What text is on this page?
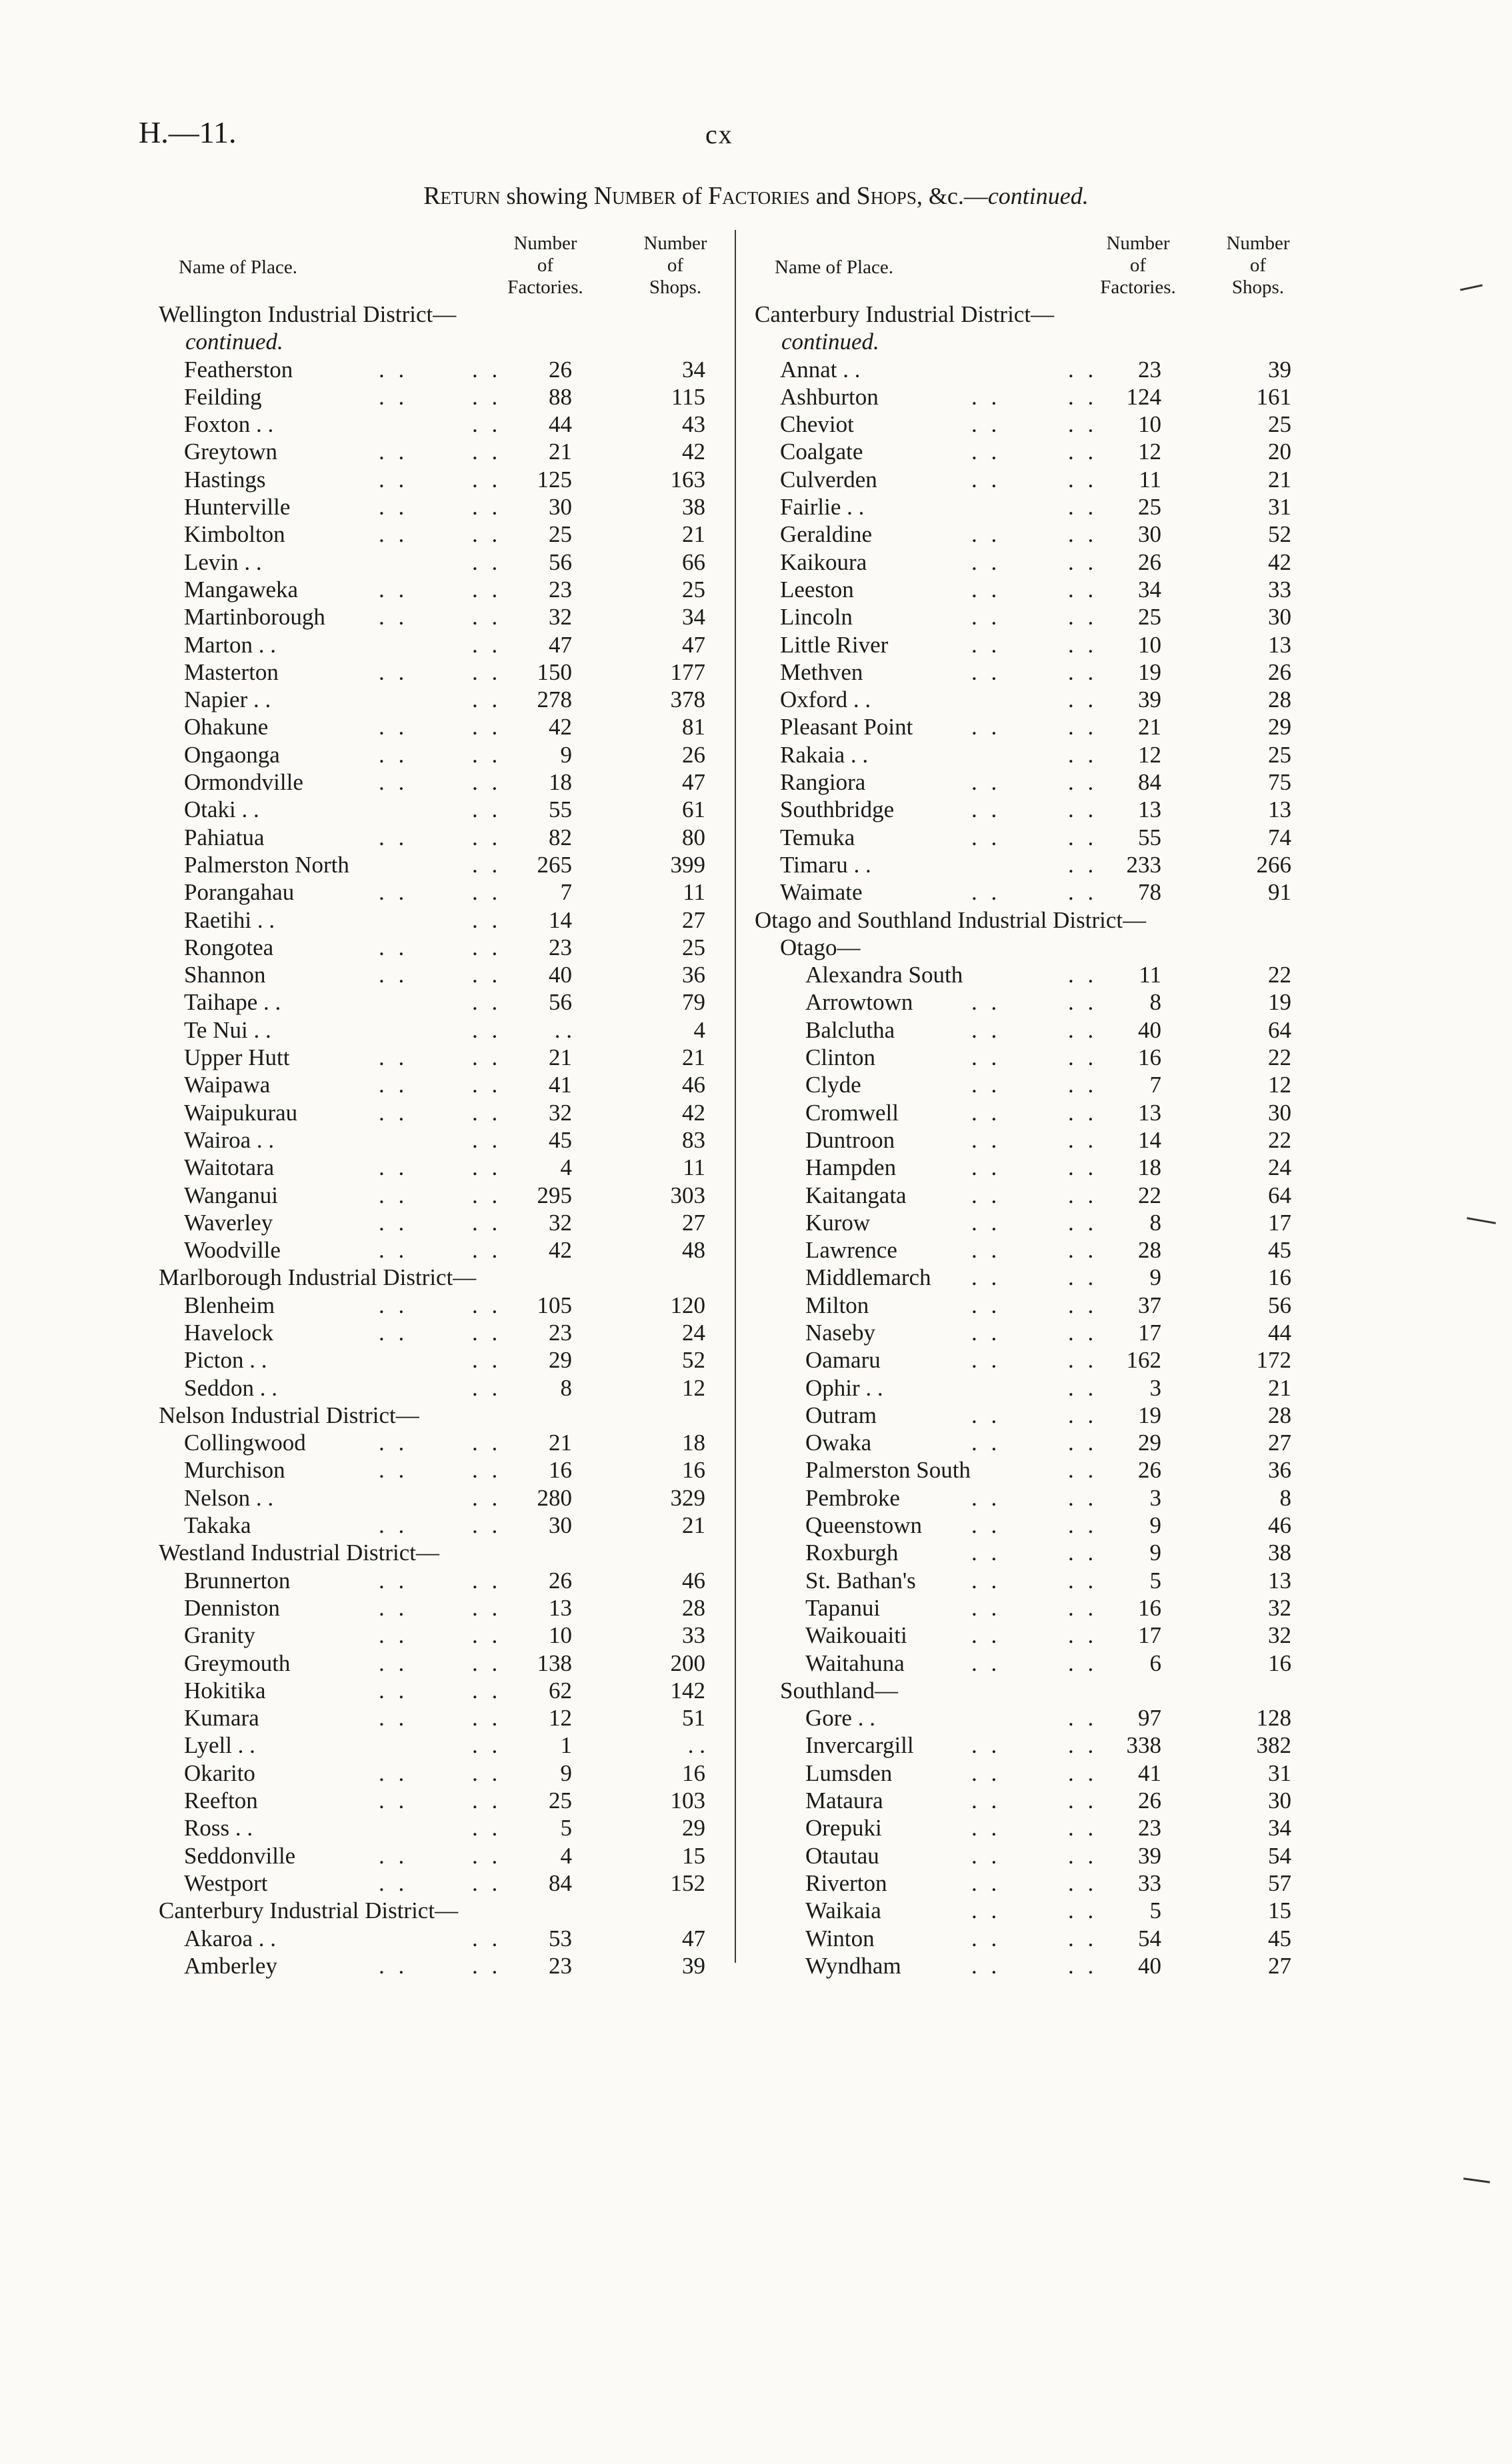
H.—11.	cx
Return showing Number of Factories and Shops, &c.—continued.
Name of Place.
Number
of
Factories.
Number
of
Shops.
Wellington Industrial District—
continued.
Featherston	. .	. .	26	34
Feilding	. .	. .	88	115
Foxton . .	. .	44	43
Greytown	. .	. .	21	42
Hastings	. .	. .	125	163
Hunterville	. .	. .	30	38
Kimbolton	. .	. .	25	21
Levin . .	. .	56	66
Mangaweka	. .	. .	23	25
Martinborough . .	. .	32	34
Marton . .	. .	47	47
Masterton	. .	. .	150	177
Napier . .	. .	278	378
Ohakune	. .	. .	42	81
Ongaonga	. .	. .	9	26
Ormondville	. .	. .	18	47
Otaki . .	. .	55	61
Pahiatua	. .	. .	82	80
Palmerston North	. .	265	399
Porangahau	. .	. .	7	11
Raetihi . .	. .	14	27
Rongotea	. .	. .	23	25
Shannon	. .	. .	40	36
Taihape . .	. .	56	79
Te Nui . .	. .	. .	4
Upper Hutt	. .	. .	21	21
Waipawa	. .	. .	41	46
Waipukurau	. .	. .	32	42
Wairoa . .	. .	45	83
Waitotara	. .	. .	4	11
Wanganui	. .	. .	295	303
Waverley	. .	. .	32	27
Woodville	. .	. .	42	48
Marlborough Industrial District—
Blenheim	. .	. .	105	120
Havelock	. .	. .	23	24
Picton . .	. .	29	52
Seddon . .	. .	8	12
Nelson Industrial District—
Collingwood	. .	. .	21	18
Murchison	. .	. .	16	16
Nelson . .	. .	280	329
Takaka	. .	. .	30	21
Westland Industrial District—
Brunnerton	. .	. .	26	46
Denniston	. .	. .	13	28
Granity	. .	. .	10	33
Greymouth	. .	. .	138	200
Hokitika	. .	. .	62	142
Kumara	. .	. .	12	51
Lyell . .	. .	1	. .
Okarito	. .	. .	9	16
Reefton	. .	. .	25	103
Ross . .	. .	5	29
Seddonville	. .	. .	4	15
Westport	. .	. .	84	152
Canterbury Industrial District—
Akaroa . .	. .	53	47
Amberley	. .	. .	23	39
Name of Place.
Number
of
Factories.
Number
of
Shops.
Canterbury Industrial District—
continued.
Annat . .	. .	23	39
Ashburton	. .	. .	124	161
Cheviot	. .	. .	10	25
Coalgate	. .	. .	12	20
Culverden	. .	. .	11	21
Fairlie . .	. .	25	31
Geraldine	. .	. .	30	52
Kaikoura	. .	. .	26	42
Leeston	. .	. .	34	33
Lincoln	. .	. .	25	30
Little River	. .	. .	10	13
Methven	. .	. .	19	26
Oxford . .	. .	39	28
Pleasant Point	. .	. .	21	29
Rakaia . .	. .	12	25
Rangiora	. .	. .	84	75
Southbridge	. .	. .	13	13
Temuka	. .	. .	55	74
Timaru . .	. .	233	266
Waimate	. .	. .	78	91
Otago and Southland Industrial District—
Otago—
Alexandra South	. .	11	22
Arrowtown	. .	. .	8	19
Balclutha	. .	. .	40	64
Clinton	. .	. .	16	22
Clyde	. .	. .	7	12
Cromwell	. .	. .	13	30
Duntroon	. .	. .	14	22
Hampden	. .	. .	18	24
Kaitangata	. .	. .	22	64
Kurow	. .	. .	8	17
Lawrence	. .	. .	28	45
Middlemarch . .	. .	9	16
Milton	. .	. .	37	56
Naseby	. .	. .	17	44
Oamaru	. .	. .	162	172
Ophir . .	. .	3	21
Outram	. .	. .	19	28
Owaka	. .	. .	29	27
Palmerston South	. .	26	36
Pembroke	. .	. .	3	8
Queenstown . .	. .	9	46
Roxburgh	. .	. .	9	38
St. Bathan's . .	. .	5	13
Tapanui	. .	. .	16	32
Waikouaiti	. .	. .	17	32
Waitahuna	. .	. .	6	16
Southland—
Gore . .	. .	97	128
Invercargill . .	. .	338	382
Lumsden	. .	. .	41	31
Mataura	. .	. .	26	30
Orepuki	. .	. .	23	34
Otautau	. .	. .	39	54
Riverton	. .	. .	33	57
Waikaia	. .	. .	5	15
Winton	. .	. .	54	45
Wyndham	. .	. .	40	27
